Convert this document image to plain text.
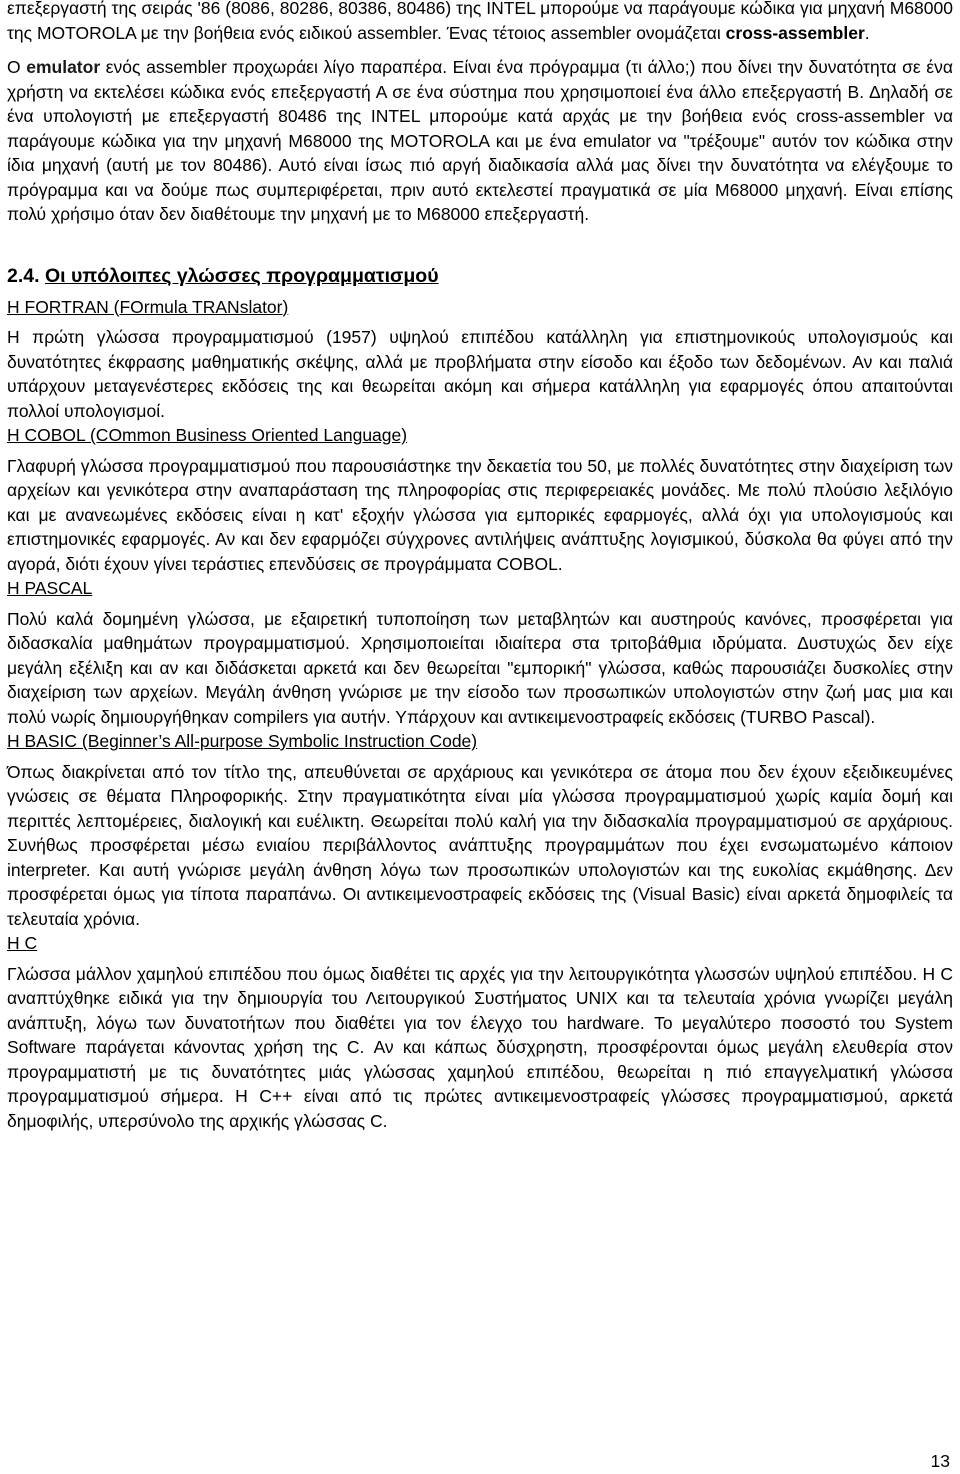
επεξεργαστή της σειράς '86 (8086, 80286, 80386, 80486) της INTEL μπορούμε να παράγουμε κώδικα για μηχανή M68000 της MOTOROLA με την βοήθεια ενός ειδικού assembler. Ένας τέτοιος assembler ονομάζεται cross-assembler.

O emulator ενός assembler προχωράει λίγο παραπέρα. Είναι ένα πρόγραμμα (τι άλλο;) που δίνει την δυνατότητα σε ένα χρήστη να εκτελέσει κώδικα ενός επεξεργαστή Α σε ένα σύστημα που χρησιμοποιεί ένα άλλο επεξεργαστή Β. Δηλαδή σε ένα υπολογιστή με επεξεργαστή 80486 της INTEL μπορούμε κατά αρχάς με την βοήθεια ενός cross-assembler να παράγουμε κώδικα για την μηχανή M68000 της MOTOROLA και με ένα emulator να "τρέξουμε" αυτόν τον κώδικα στην ίδια μηχανή (αυτή με τον 80486). Αυτό είναι ίσως πιό αργή διαδικασία αλλά μας δίνει την δυνατότητα να ελέγξουμε το πρόγραμμα και να δούμε πως συμπεριφέρεται, πριν αυτό εκτελεστεί πραγματικά σε μία M68000 μηχανή. Είναι επίσης πολύ χρήσιμο όταν δεν διαθέτουμε την μηχανή με το M68000 επεξεργαστή.

2.4. Οι υπόλοιπες γλώσσες προγραμματισμού

Η FORTRAN (FOrmula TRANslator)

Η πρώτη γλώσσα προγραμματισμού (1957) υψηλού επιπέδου κατάλληλη για επιστημονικούς υπολογισμούς και δυνατότητες έκφρασης μαθηματικής σκέψης, αλλά με προβλήματα στην είσοδο και έξοδο των δεδομένων. Αν και παλιά υπάρχουν μεταγενέστερες εκδόσεις της και θεωρείται ακόμη και σήμερα κατάλληλη για εφαρμογές όπου απαιτούνται πολλοί υπολογισμοί.

Η COBOL (COmmon Business Oriented Language)

Γλαφυρή γλώσσα προγραμματισμού που παρουσιάστηκε την δεκαετία του 50, με πολλές δυνατότητες στην διαχείριση των αρχείων και γενικότερα στην αναπαράσταση της πληροφορίας στις περιφερειακές μονάδες. Με πολύ πλούσιο λεξιλόγιο και με ανανεωμένες εκδόσεις είναι η κατ' εξοχήν γλώσσα για εμπορικές εφαρμογές, αλλά όχι για υπολογισμούς και επιστημονικές εφαρμογές. Αν και δεν εφαρμόζει σύγχρονες αντιλήψεις ανάπτυξης λογισμικού, δύσκολα θα φύγει από την αγορά, διότι έχουν γίνει τεράστιες επενδύσεις σε προγράμματα COBOL.

Η PASCAL

Πολύ καλά δομημένη γλώσσα, με εξαιρετική τυποποίηση των μεταβλητών και αυστηρούς κανόνες, προσφέρεται για διδασκαλία μαθημάτων προγραμματισμού. Χρησιμοποιείται ιδιαίτερα στα τριτοβάθμια ιδρύματα. Δυστυχώς δεν είχε μεγάλη εξέλιξη και αν και διδάσκεται αρκετά και δεν θεωρείται "εμπορική" γλώσσα, καθώς παρουσιάζει δυσκολίες στην διαχείριση των αρχείων. Μεγάλη άνθηση γνώρισε με την είσοδο των προσωπικών υπολογιστών στην ζωή μας μια και πολύ νωρίς δημιουργήθηκαν compilers για αυτήν. Υπάρχουν και αντικειμενοστραφείς εκδόσεις (TURBO Pascal).

Η BASIC (Beginner’s All-purpose Symbolic Instruction Code)

Όπως διακρίνεται από τον τίτλο της, απευθύνεται σε αρχάριους και γενικότερα σε άτομα που δεν έχουν εξειδικευμένες γνώσεις σε θέματα Πληροφορικής. Στην πραγματικότητα είναι μία γλώσσα προγραμματισμού χωρίς καμία δομή και περιττές λεπτομέρειες, διαλογική και ευέλικτη. Θεωρείται πολύ καλή για την διδασκαλία προγραμματισμού σε αρχάριους. Συνήθως προσφέρεται μέσω ενιαίου περιβάλλοντος ανάπτυξης προγραμμάτων που έχει ενσωματωμένο κάποιον interpreter. Και αυτή γνώρισε μεγάλη άνθηση λόγω των προσωπικών υπολογιστών και της ευκολίας εκμάθησης. Δεν προσφέρεται όμως για τίποτα παραπάνω. Οι αντικειμενοστραφείς εκδόσεις της (Visual Basic) είναι αρκετά δημοφιλείς τα τελευταία χρόνια.

Η C

Γλώσσα μάλλον χαμηλού επιπέδου που όμως διαθέτει τις αρχές για την λειτουργικότητα γλωσσών υψηλού επιπέδου. Η C αναπτύχθηκε ειδικά για την δημιουργία του Λειτουργικού Συστήματος UNIX και τα τελευταία χρόνια γνωρίζει μεγάλη ανάπτυξη, λόγω των δυνατοτήτων που διαθέτει για τον έλεγχο του hardware. Το μεγαλύτερο ποσοστό του System Software παράγεται κάνοντας χρήση της C. Αν και κάπως δύσχρηστη, προσφέρονται όμως μεγάλη ελευθερία στον προγραμματιστή με τις δυνατότητες μιάς γλώσσας χαμηλού επιπέδου, θεωρείται η πιό επαγγελματική γλώσσα προγραμματισμού σήμερα. Η C++ είναι από τις πρώτες αντικειμενοστραφείς γλώσσες προγραμματισμού, αρκετά δημοφιλής, υπερσύνολο της αρχικής γλώσσας C.

13
